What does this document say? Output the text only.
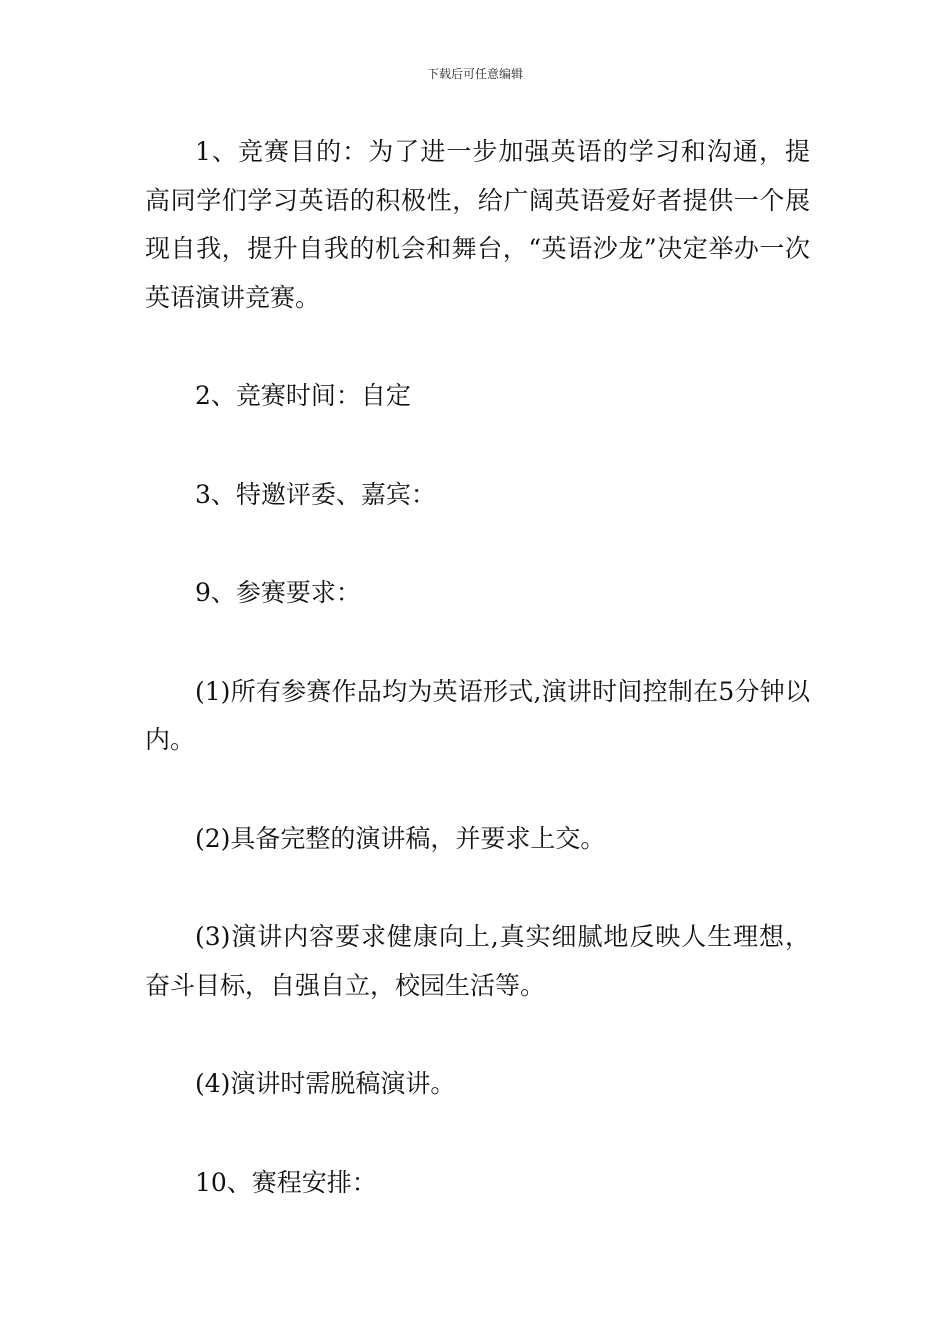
下载后可任意编辑

1、竞赛目的：为了进一步加强英语的学习和沟通，提高同学们学习英语的积极性，给广阔英语爱好者提供一个展现自我，提升自我的机会和舞台，“英语沙龙”决定举办一次英语演讲竞赛。

2、竞赛时间：自定

3、特邀评委、嘉宾：

9、参赛要求：

(1)所有参赛作品均为英语形式,演讲时间控制在5分钟以内。

(2)具备完整的演讲稿，并要求上交。

(3)演讲内容要求健康向上,真实细腻地反映人生理想，奋斗目标，自强自立，校园生活等。

(4)演讲时需脱稿演讲。

10、赛程安排：
